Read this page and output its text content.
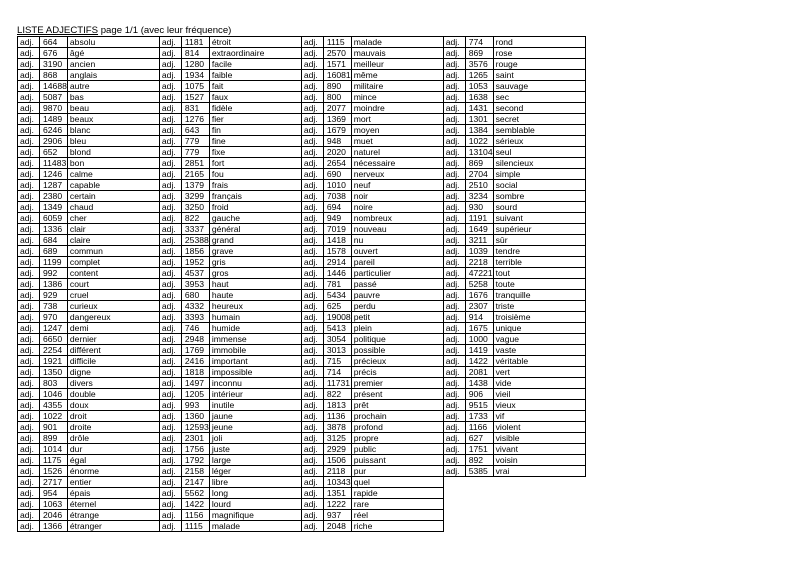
LISTE ADJECTIFS page 1/1 (avec leur fréquence)
adj.	664	absolu	adj.	1181	étroit	adj.	1115	malade	adj.	774	rond
adj.	676	âgé	adj.	814	extraordinaire	adj.	2570	mauvais	adj.	869	rose
adj.	3190	ancien	adj.	1280	facile	adj.	1571	meilleur	adj.	3576	rouge
adj.	868	anglais	adj.	1934	faible	adj.	16081	même	adj.	1265	saint
adj.	14688	autre	adj.	1075	fait	adj.	890	militaire	adj.	1053	sauvage
adj.	5087	bas	adj.	1527	faux	adj.	800	mince	adj.	1638	sec
adj.	9870	beau	adj.	831	fidèle	adj.	2077	moindre	adj.	1431	second
adj.	1489	beaux	adj.	1276	fier	adj.	1369	mort	adj.	1301	secret
adj.	6246	blanc	adj.	643	fin	adj.	1679	moyen	adj.	1384	semblable
adj.	2906	bleu	adj.	779	fine	adj.	948	muet	adj.	1022	sérieux
adj.	652	blond	adj.	779	fixe	adj.	2020	naturel	adj.	13104	seul
adj.	11483	bon	adj.	2851	fort	adj.	2654	nécessaire	adj.	869	silencieux
adj.	1246	calme	adj.	2165	fou	adj.	690	nerveux	adj.	2704	simple
adj.	1287	capable	adj.	1379	frais	adj.	1010	neuf	adj.	2510	social
adj.	2380	certain	adj.	3299	français	adj.	7038	noir	adj.	3234	sombre
adj.	1349	chaud	adj.	3250	froid	adj.	694	noire	adj.	930	sourd
adj.	6059	cher	adj.	822	gauche	adj.	949	nombreux	adj.	1191	suivant
adj.	1336	clair	adj.	3337	général	adj.	7019	nouveau	adj.	1649	supérieur
adj.	684	claire	adj.	25388	grand	adj.	1418	nu	adj.	3211	sûr
adj.	689	commun	adj.	1856	grave	adj.	1578	ouvert	adj.	1039	tendre
adj.	1199	complet	adj.	1952	gris	adj.	2914	pareil	adj.	2218	terrible
adj.	992	content	adj.	4537	gros	adj.	1446	particulier	adj.	47221	tout
adj.	1386	court	adj.	3953	haut	adj.	781	passé	adj.	5258	toute
adj.	929	cruel	adj.	680	haute	adj.	5434	pauvre	adj.	1676	tranquille
adj.	738	curieux	adj.	4332	heureux	adj.	625	perdu	adj.	2307	triste
adj.	970	dangereux	adj.	3393	humain	adj.	19008	petit	adj.	914	troisième
adj.	1247	demi	adj.	746	humide	adj.	5413	plein	adj.	1675	unique
adj.	6650	dernier	adj.	2948	immense	adj.	3054	politique	adj.	1000	vague
adj.	2254	différent	adj.	1769	immobile	adj.	3013	possible	adj.	1419	vaste
adj.	1921	difficile	adj.	2416	important	adj.	715	précieux	adj.	1422	véritable
adj.	1350	digne	adj.	1818	impossible	adj.	714	précis	adj.	2081	vert
adj.	803	divers	adj.	1497	inconnu	adj.	11731	premier	adj.	1438	vide
adj.	1046	double	adj.	1205	intérieur	adj.	822	présent	adj.	906	vieil
adj.	4355	doux	adj.	993	inutile	adj.	1813	prêt	adj.	9515	vieux
adj.	1022	droit	adj.	1360	jaune	adj.	1136	prochain	adj.	1733	vif
adj.	901	droite	adj.	12593	jeune	adj.	3878	profond	adj.	1166	violent
adj.	899	drôle	adj.	2301	joli	adj.	3125	propre	adj.	627	visible
adj.	1014	dur	adj.	1756	juste	adj.	2929	public	adj.	1751	vivant
adj.	1175	égal	adj.	1792	large	adj.	1506	puissant	adj.	892	voisin
adj.	1526	énorme	adj.	2158	léger	adj.	2118	pur	adj.	5385	vrai
adj.	2717	entier	adj.	2147	libre	adj.	10343	quel			
adj.	954	épais	adj.	5562	long	adj.	1351	rapide			
adj.	1063	éternel	adj.	1422	lourd	adj.	1222	rare			
adj.	2046	étrange	adj.	1156	magnifique	adj.	937	réel			
adj.	1366	étranger	adj.	1115	malade	adj.	2048	riche			
